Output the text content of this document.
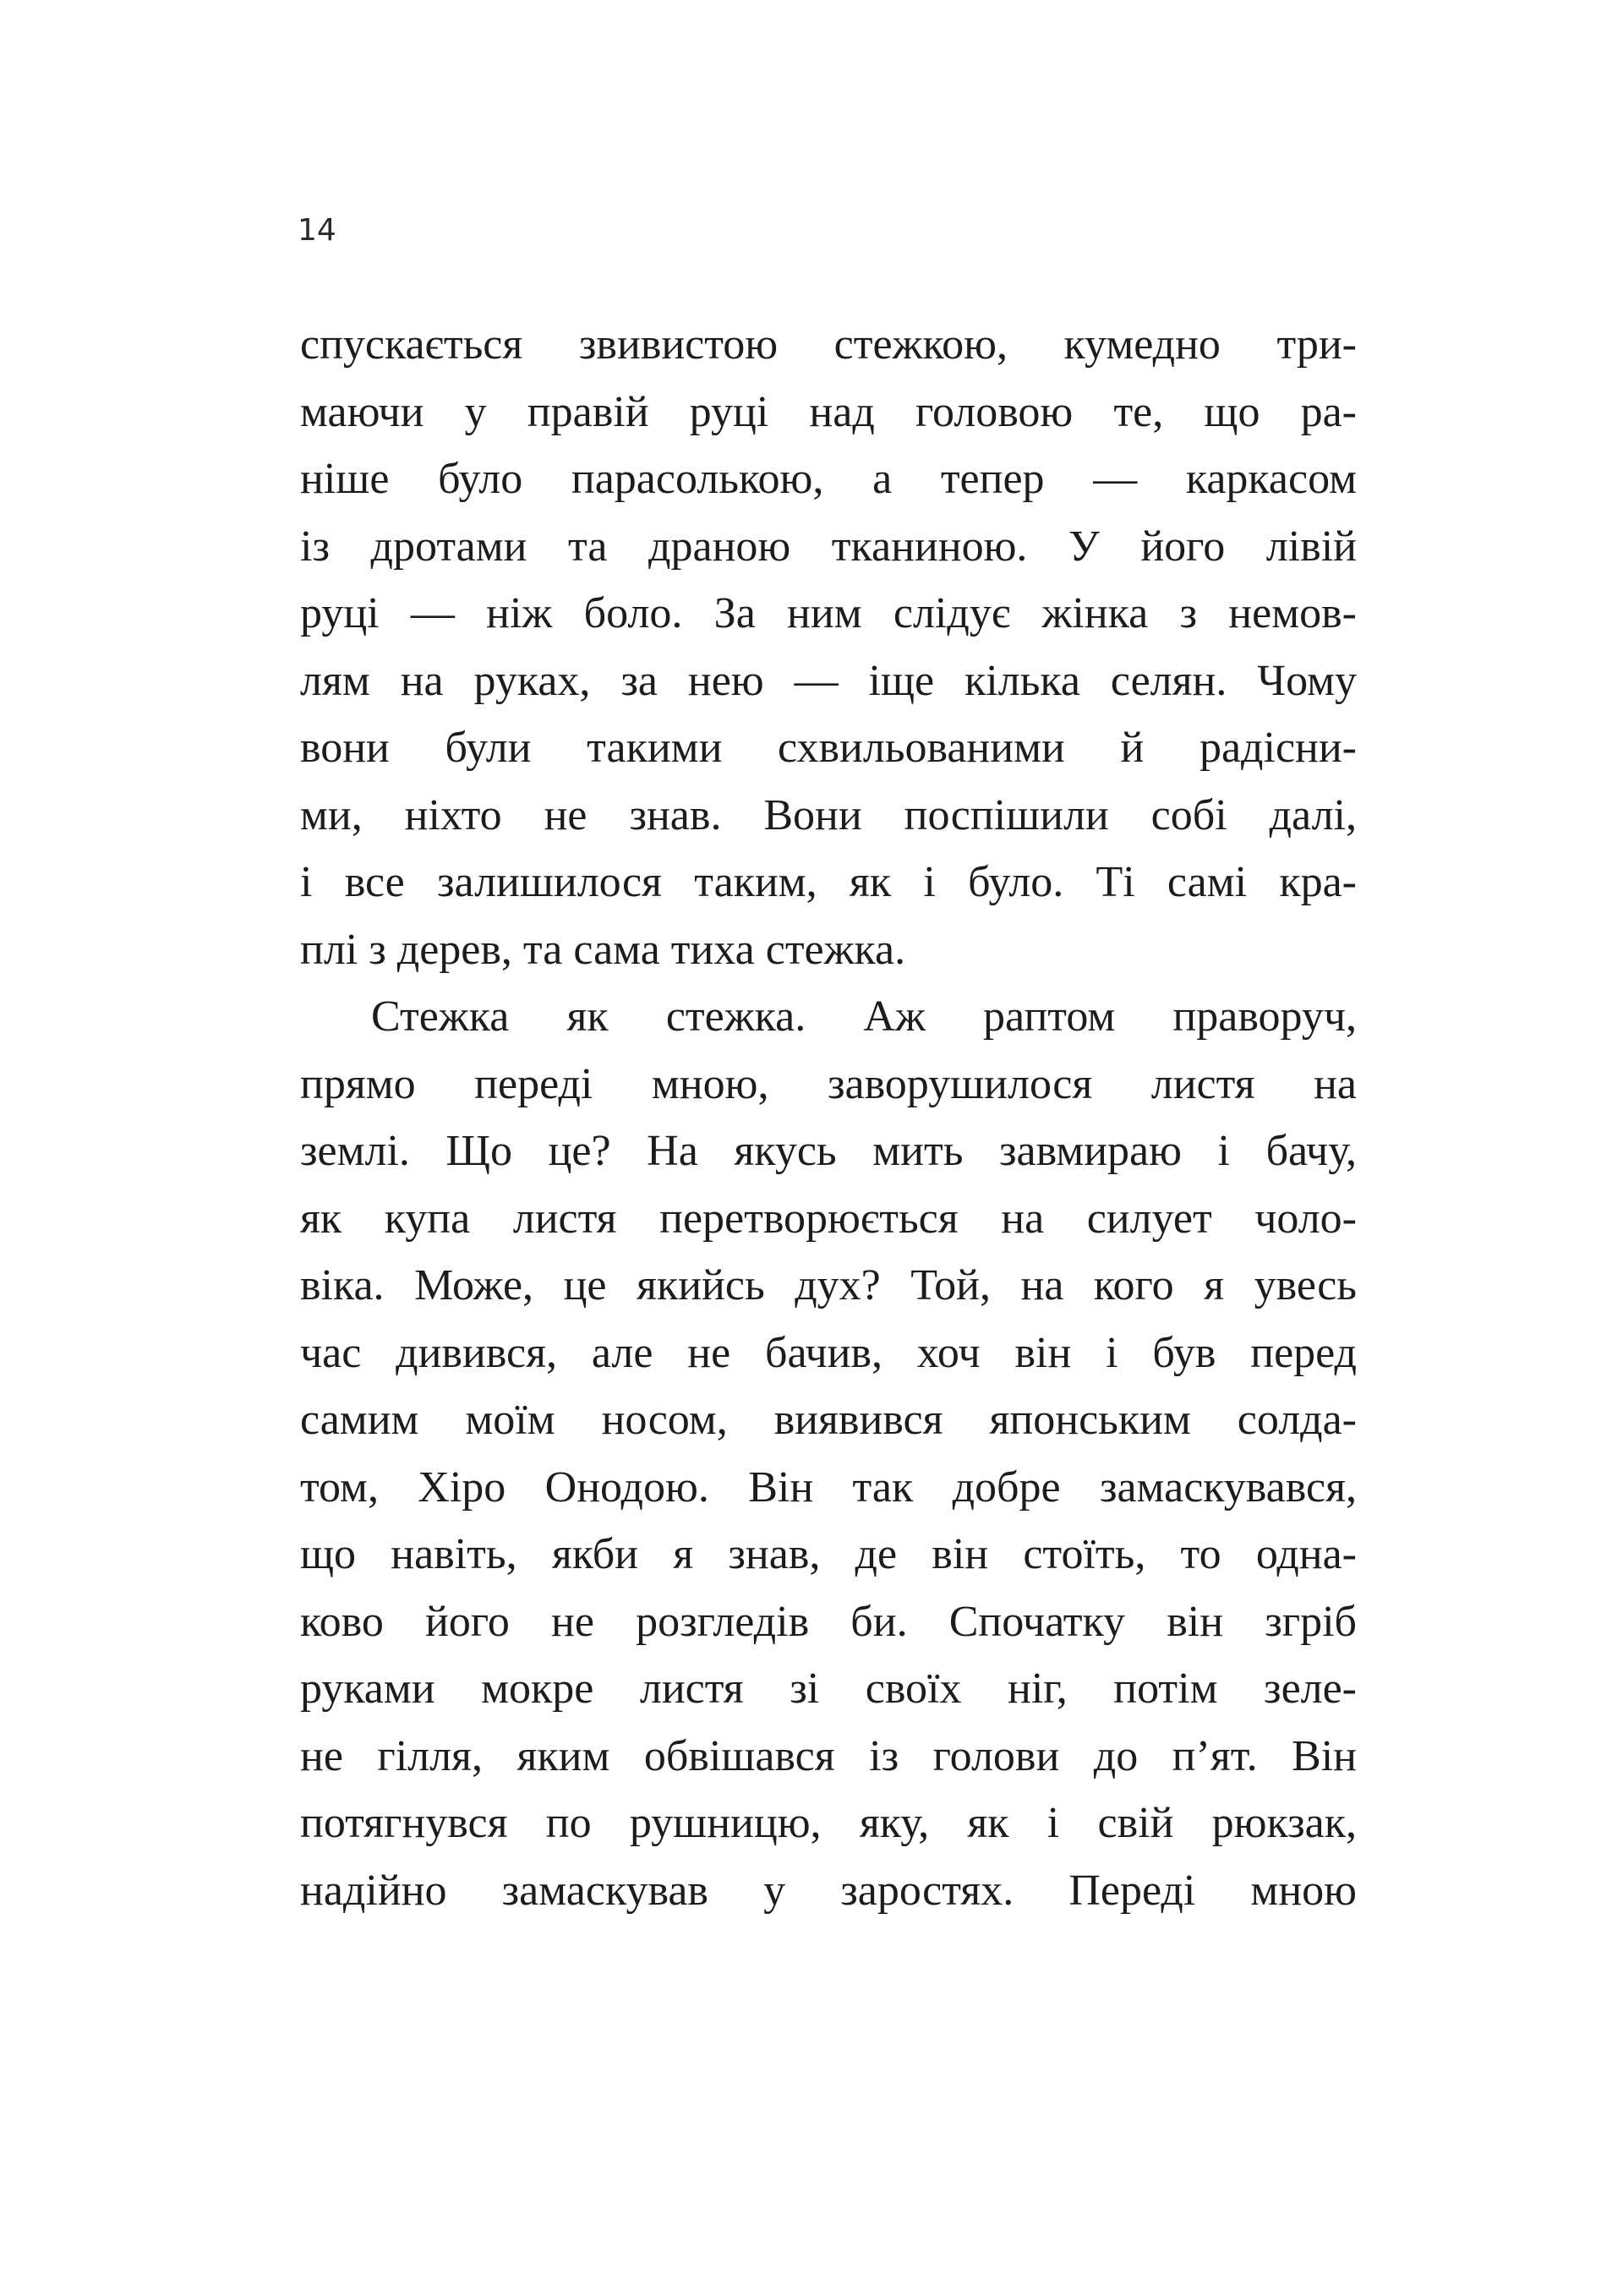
14
спускається звивистою стежкою, кумедно три-
маючи у правій руці над головою те, що ра-
ніше було парасолькою, а тепер — каркасом
із дротами та драною тканиною. У його лівій
руці — ніж боло. За ним слідує жінка з немов-
лям на руках, за нею — іще кілька селян. Чому
вони були такими схвильованими й радісни-
ми, ніхто не знав. Вони поспішили собі далі,
і все залишилося таким, як і було. Ті самі кра-
плі з дерев, та сама тиха стежка.
Стежка як стежка. Аж раптом праворуч,
прямо переді мною, заворушилося листя на
землі. Що це? На якусь мить завмираю і бачу,
як купа листя перетворюється на силует чоло-
віка. Може, це якийсь дух? Той, на кого я увесь
час дивився, але не бачив, хоч він і був перед
самим моїм носом, виявився японським солда-
том, Хіро Онодою. Він так добре замаскувався,
що навіть, якби я знав, де він стоїть, то одна-
ково його не розгледів би. Спочатку він згріб
руками мокре листя зі своїх ніг, потім зеле-
не гілля, яким обвішався із голови до п’ят. Він
потягнувся по рушницю, яку, як і свій рюкзак,
надійно замаскував у заростях. Переді мною
